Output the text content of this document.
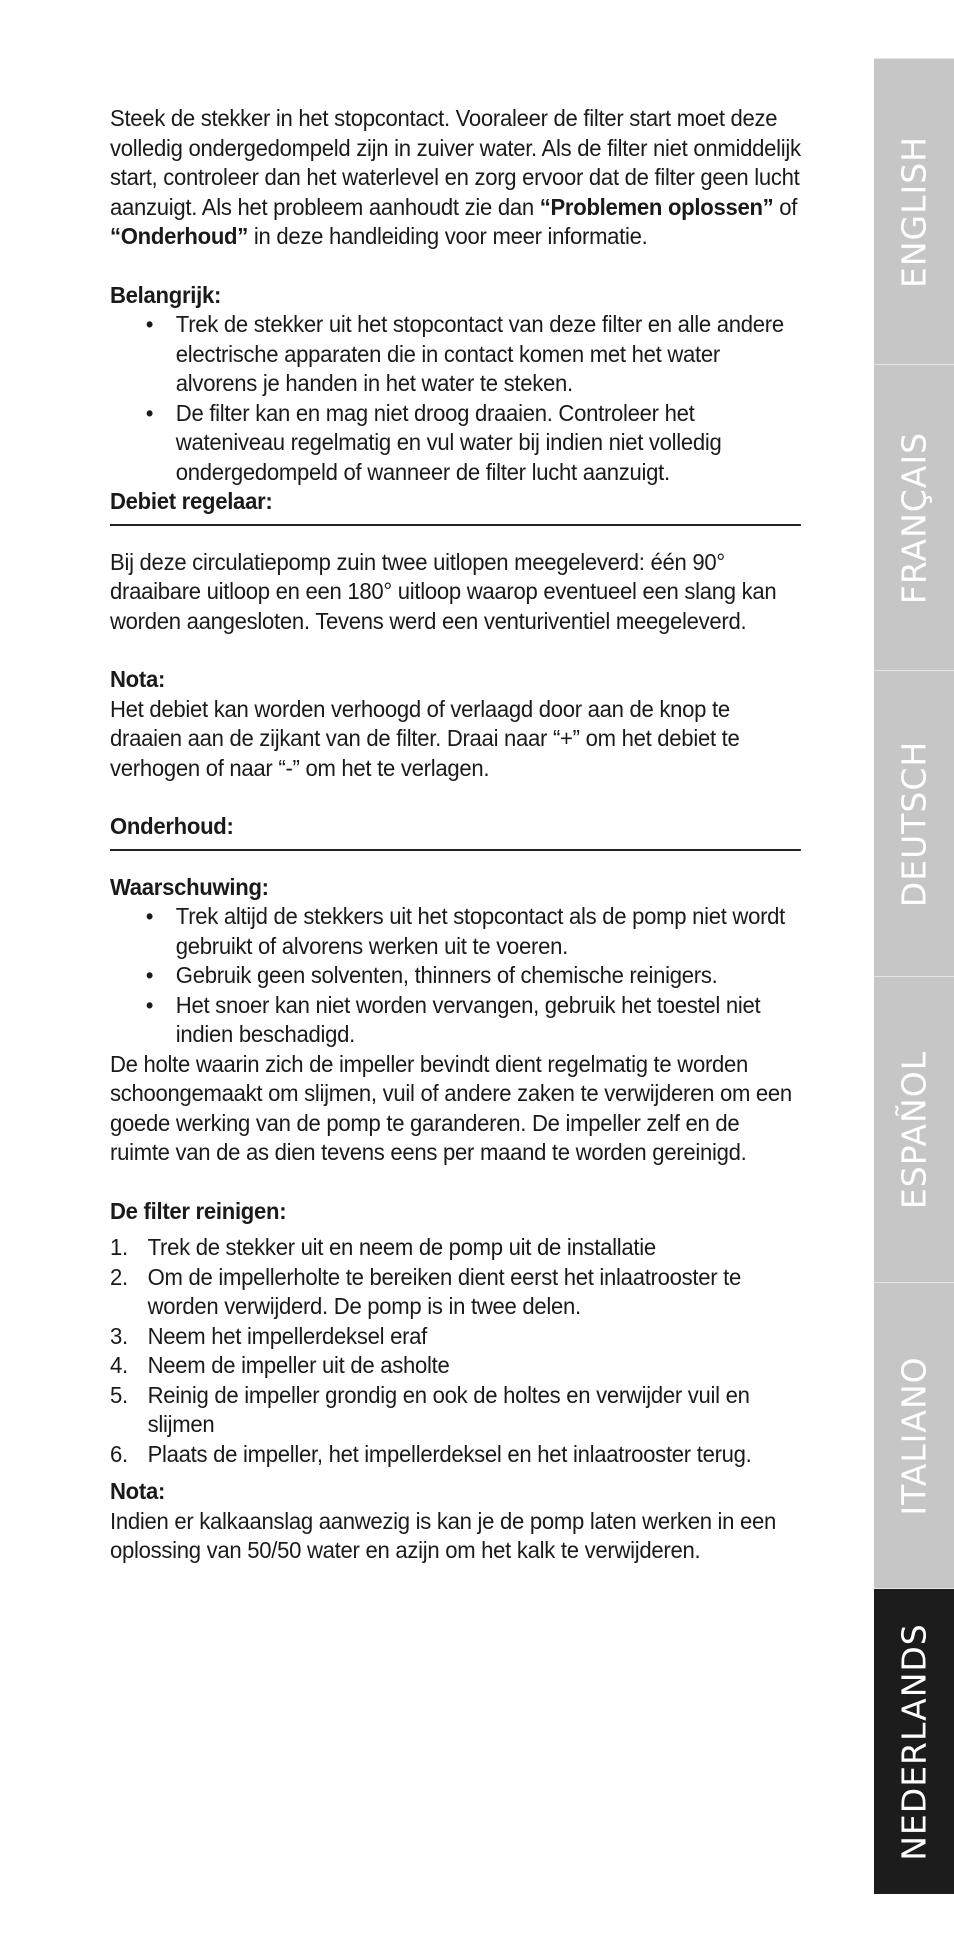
Steek de stekker in het stopcontact. Vooraleer de filter start moet deze volledig ondergedompeld zijn in zuiver water. Als de filter niet onmiddelijk start, controleer dan het waterlevel en zorg ervoor dat de filter geen lucht aanzuigt. Als het probleem aanhoudt zie dan “Problemen oplossen” of “Onderhoud” in deze handleiding voor meer informatie.

Belangrijk:

• Trek de stekker uit het stopcontact van deze filter en alle andere electrische apparaten die in contact komen met het water alvorens je handen in het water te steken.
• De filter kan en mag niet droog draaien. Controleer het wateniveau regelmatig en vul water bij indien niet volledig ondergedompeld of wanneer de filter lucht aanzuigt.

Debiet regelaar:

Bij deze circulatiepomp zuin twee uitlopen meegeleverd: één 90° draaibare uitloop en een 180° uitloop waarop eventueel een slang kan worden aangesloten. Tevens werd een venturiventiel meegeleverd.

Nota:

Het debiet kan worden verhoogd of verlaagd door aan de knop te draaien aan de zijkant van de filter. Draai naar “+” om het debiet te verhogen of naar “-” om het te verlagen.

Onderhoud:

Waarschuwing:

• Trek altijd de stekkers uit het stopcontact als de pomp niet wordt gebruikt of alvorens werken uit te voeren.
• Gebruik geen solventen, thinners of chemische reinigers.
• Het snoer kan niet worden vervangen, gebruik het toestel niet indien beschadigd.

De holte waarin zich de impeller bevindt dient regelmatig te worden schoongemaakt om slijmen, vuil of andere zaken te verwijderen om een goede werking van de pomp te garanderen. De impeller zelf en de ruimte van de as dien tevens eens per maand te worden gereinigd.

De filter reinigen:

1. Trek de stekker uit en neem de pomp uit de installatie
2. Om de impellerholte te bereiken dient eerst het inlaatrooster te worden verwijderd. De pomp is in twee delen.
3. Neem het impellerdeksel eraf
4. Neem de impeller uit de asholte
5. Reinig de impeller grondig en ook de holtes en verwijder vuil en slijmen
6. Plaats de impeller, het impellerdeksel en het inlaatrooster terug.

Nota:

Indien er kalkaanslag aanwezig is kan je de pomp laten werken in een oplossing van 50/50 water en azijn om het kalk te verwijderen.

ENGLISH
FRANÇAIS
DEUTSCH
ESPAÑOL
ITALIANO
NEDERLANDS
